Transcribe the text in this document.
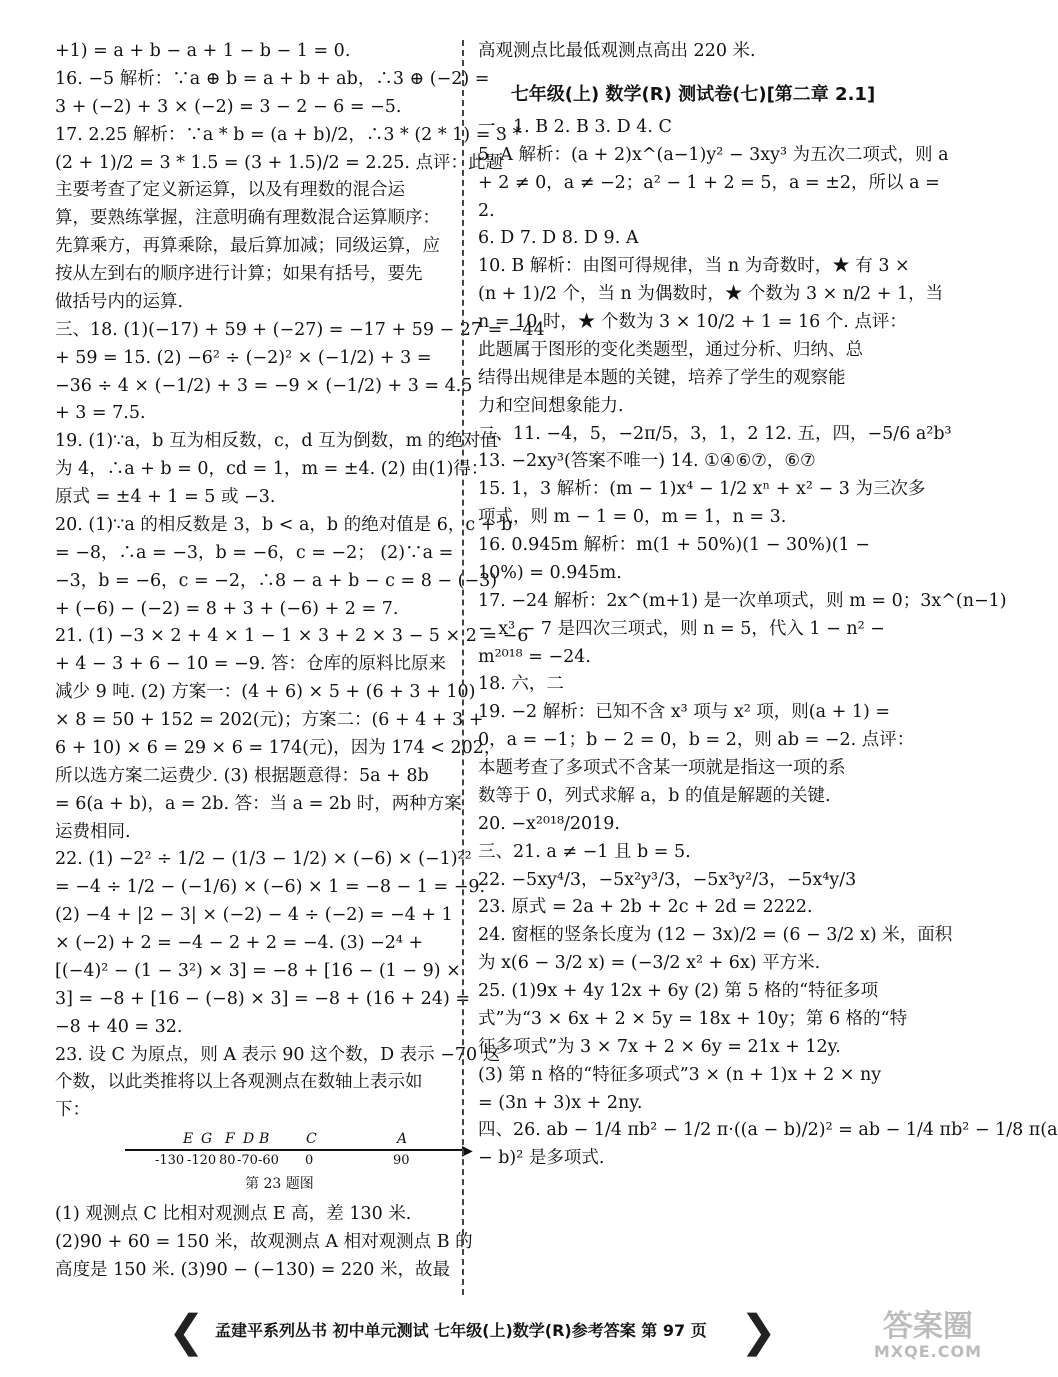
+1) = a + b − a + 1 − b − 1 = 0.

16. −5 解析：∵a ⊕ b = a + b + ab，∴3 ⊕ (−2) =

3 + (−2) + 3 × (−2) = 3 − 2 − 6 = −5.

17. 2.25 解析：∵a * b = (a + b)/2，∴3 * (2 * 1) = 3 *

(2 + 1)/2 = 3 * 1.5 = (3 + 1.5)/2 = 2.25. 点评：此题

主要考查了定义新运算，以及有理数的混合运

算，要熟练掌握，注意明确有理数混合运算顺序：

先算乘方，再算乘除，最后算加减；同级运算，应

按从左到右的顺序进行计算；如果有括号，要先

做括号内的运算.

三、18. (1)(−17) + 59 + (−27) = −17 + 59 − 27 = −44

+ 59 = 15. (2) −6² ÷ (−2)² × (−1/2) + 3 =

−36 ÷ 4 × (−1/2) + 3 = −9 × (−1/2) + 3 = 4.5

+ 3 = 7.5.

19. (1)∵a，b 互为相反数，c，d 互为倒数，m 的绝对值

为 4，∴a + b = 0，cd = 1，m = ±4. (2) 由(1)得：

原式 = ±4 + 1 = 5 或 −3.

20. (1)∵a 的相反数是 3，b < a，b 的绝对值是 6，c + b

= −8，∴a = −3，b = −6，c = −2； (2)∵a =

−3，b = −6，c = −2，∴8 − a + b − c = 8 − (−3)

+ (−6) − (−2) = 8 + 3 + (−6) + 2 = 7.

21. (1) −3 × 2 + 4 × 1 − 1 × 3 + 2 × 3 − 5 × 2 = −6

+ 4 − 3 + 6 − 10 = −9. 答：仓库的原料比原来

减少 9 吨. (2) 方案一：(4 + 6) × 5 + (6 + 3 + 10)

× 8 = 50 + 152 = 202(元)；方案二：(6 + 4 + 3 +

6 + 10) × 6 = 29 × 6 = 174(元)，因为 174 < 202，

所以选方案二运费少. (3) 根据题意得：5a + 8b

= 6(a + b)，a = 2b. 答：当 a = 2b 时，两种方案

运费相同.

22. (1) −2² ÷ 1/2 − (1/3 − 1/2) × (−6) × (−1)²²

= −4 ÷ 1/2 − (−1/6) × (−6) × 1 = −8 − 1 = −9.

(2) −4 + |2 − 3| × (−2) − 4 ÷ (−2) = −4 + 1

× (−2) + 2 = −4 − 2 + 2 = −4. (3) −2⁴ +

[(−4)² − (1 − 3²) × 3] = −8 + [16 − (1 − 9) ×

3] = −8 + [16 − (−8) × 3] = −8 + (16 + 24) =

−8 + 40 = 32.

23. 设 C 为原点，则 A 表示 90 这个数，D 表示 −70 这

个数，以此类推将以上各观测点在数轴上表示如

下：

▶
E G F D B	C	A
-130 -120 80 -70 -60 0	90
第 23 题图

(1) 观测点 C 比相对观测点 E 高，差 130 米.

(2)90 + 60 = 150 米，故观测点 A 相对观测点 B 的

高度是 150 米. (3)90 − (−130) = 220 米，故最

高观测点比最低观测点高出 220 米.

七年级(上) 数学(R) 测试卷(七)[第二章 2.1]

一、1. B 2. B 3. D 4. C

5. A 解析：(a + 2)x^(a−1)y² − 3xy³ 为五次二项式，则 a

+ 2 ≠ 0，a ≠ −2；a² − 1 + 2 = 5，a = ±2，所以 a =

2.

6. D 7. D 8. D 9. A

10. B 解析：由图可得规律，当 n 为奇数时，★ 有 3 ×

(n + 1)/2 个，当 n 为偶数时，★ 个数为 3 × n/2 + 1，当

n = 10 时，★ 个数为 3 × 10/2 + 1 = 16 个. 点评：

此题属于图形的变化类题型，通过分析、归纳、总

结得出规律是本题的关键，培养了学生的观察能

力和空间想象能力.

二、11. −4，5，−2π/5，3，1，2 12. 五，四，−5/6 a²b³

13. −2xy³(答案不唯一) 14. ①④⑥⑦，⑥⑦

15. 1，3 解析：(m − 1)x⁴ − 1/2 xⁿ + x² − 3 为三次多

项式，则 m − 1 = 0，m = 1，n = 3.

16. 0.945m 解析：m(1 + 50%)(1 − 30%)(1 −

10%) = 0.945m.

17. −24 解析：2x^(m+1) 是一次单项式，则 m = 0；3x^(n−1)

− x³ − 7 是四次三项式，则 n = 5，代入 1 − n² −

m²⁰¹⁸ = −24.

18. 六，二

19. −2 解析：已知不含 x³ 项与 x² 项，则(a + 1) =

0，a = −1；b − 2 = 0，b = 2，则 ab = −2. 点评：

本题考查了多项式不含某一项就是指这一项的系

数等于 0，列式求解 a，b 的值是解题的关键.

20. −x²⁰¹⁸/2019.

三、21. a ≠ −1 且 b = 5.

22. −5xy⁴/3，−5x²y³/3，−5x³y²/3，−5x⁴y/3

23. 原式 = 2a + 2b + 2c + 2d = 2222.

24. 窗框的竖条长度为 (12 − 3x)/2 = (6 − 3/2 x) 米，面积

为 x(6 − 3/2 x) = (−3/2 x² + 6x) 平方米.

25. (1)9x + 4y 12x + 6y (2) 第 5 格的“特征多项

式”为“3 × 6x + 2 × 5y = 18x + 10y；第 6 格的“特

征多项式”为 3 × 7x + 2 × 6y = 21x + 12y.

(3) 第 n 格的“特征多项式”3 × (n + 1)x + 2 × ny

= (3n + 3)x + 2ny.

四、26. ab − 1/4 πb² − 1/2 π·((a − b)/2)² = ab − 1/4 πb² − 1/8 π(a

− b)² 是多项式.

❮ 孟建平系列丛书 初中单元测试 七年级(上)数学(R)参考答案 第 97 页 ❯	答案圈
MXQE.COM
